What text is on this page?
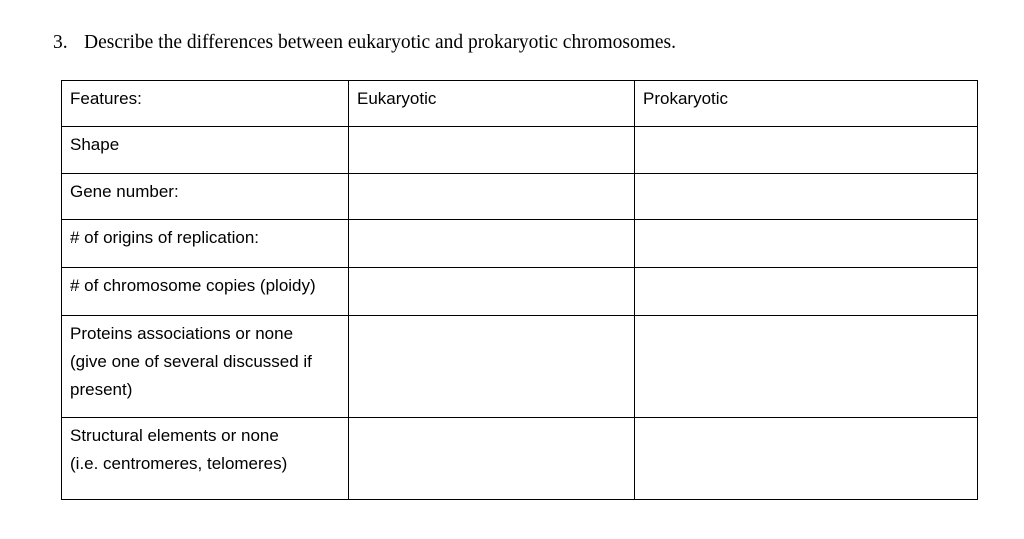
3. Describe the differences between eukaryotic and prokaryotic chromosomes.
Features:	Eukaryotic	Prokaryotic
Shape		
Gene number:		
# of origins of replication:		
# of chromosome copies (ploidy)		

Proteins associations or none
(give one of several discussed if
present)		

Structural elements or none
(i.e. centromeres, telomeres)		
